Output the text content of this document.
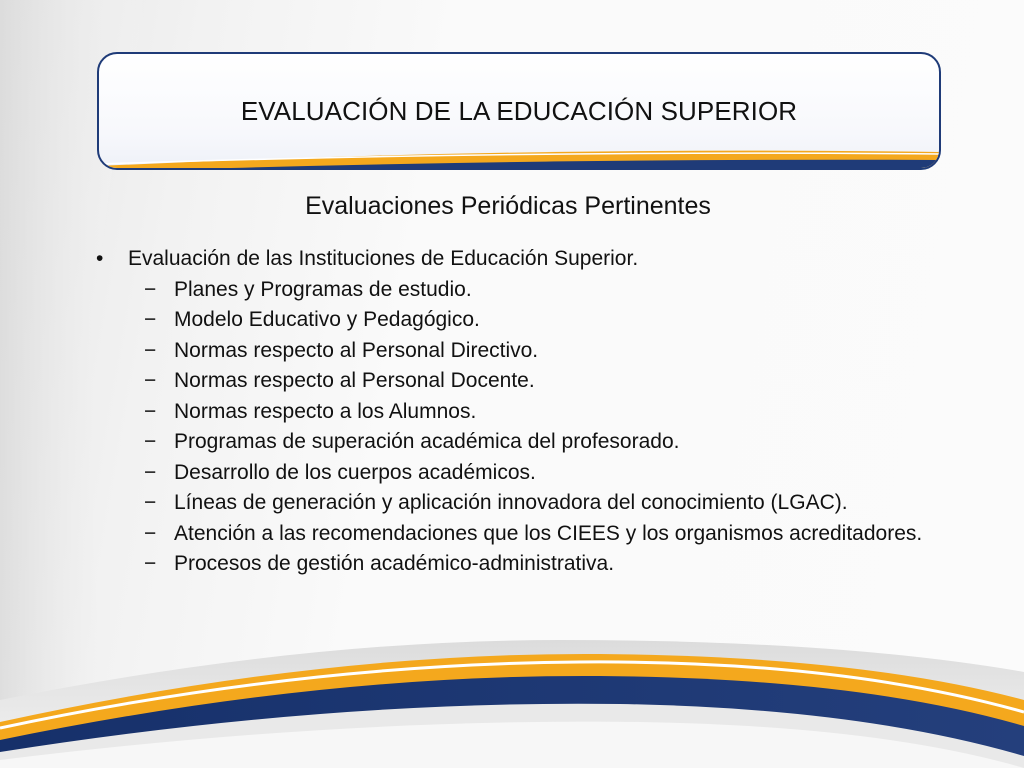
EVALUACIÓN DE LA EDUCACIÓN SUPERIOR
Evaluaciones Periódicas Pertinentes
• Evaluación de las Instituciones de Educación Superior.
− Planes y Programas de estudio.
− Modelo Educativo y Pedagógico.
− Normas respecto al Personal Directivo.
− Normas respecto al Personal Docente.
− Normas respecto a los Alumnos.
− Programas de superación académica del profesorado.
− Desarrollo de los cuerpos académicos.
− Líneas de generación y aplicación innovadora del conocimiento (LGAC).
− Atención a las recomendaciones que los CIEES y los organismos acreditadores.
− Procesos de gestión académico-administrativa.
